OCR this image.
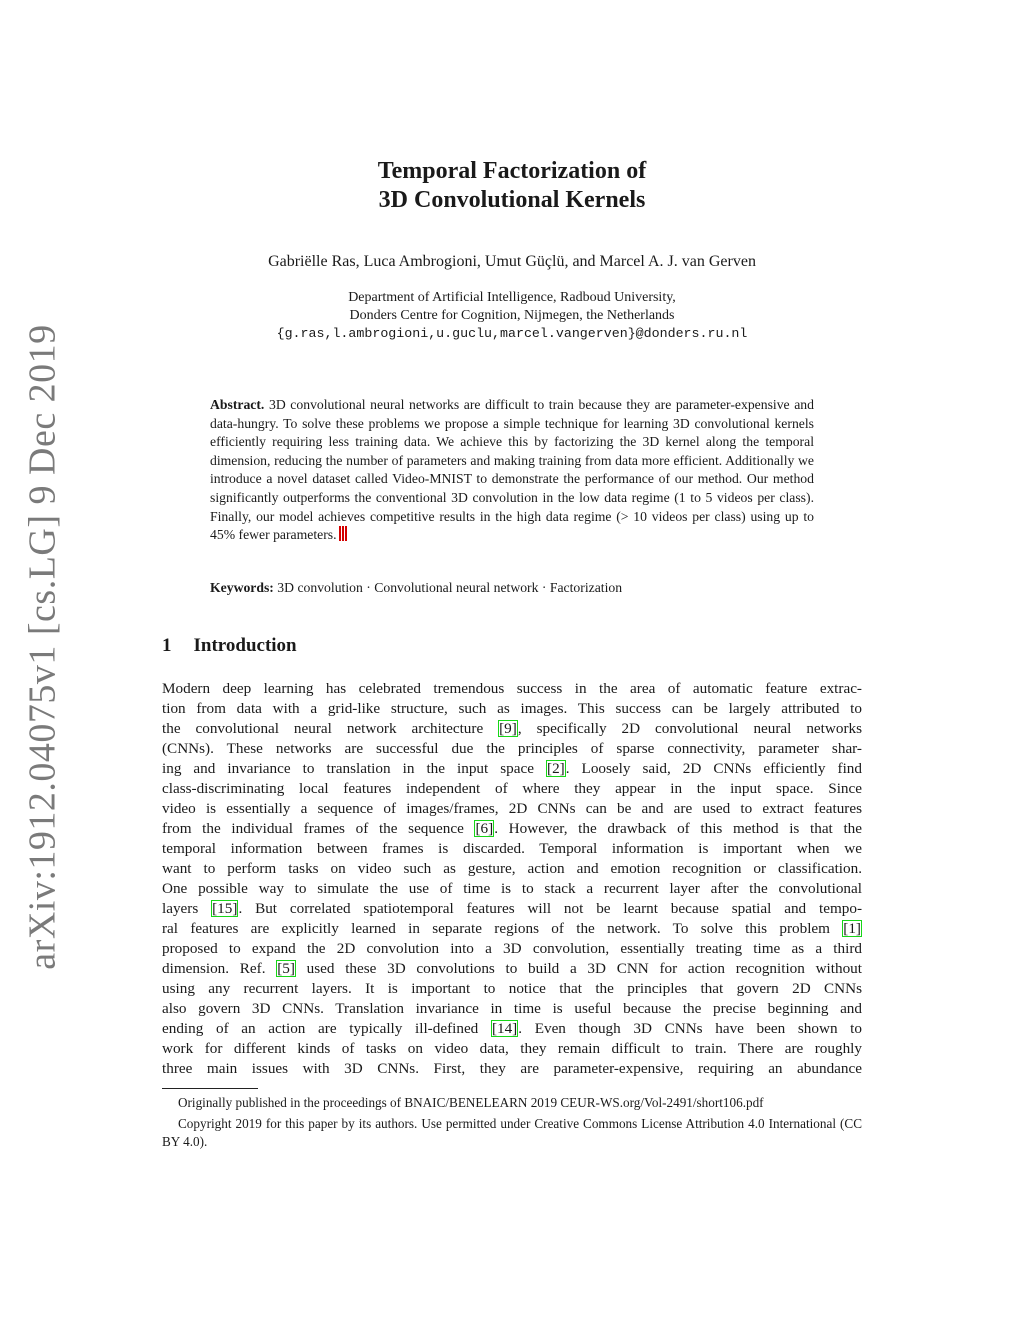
arXiv:1912.04075v1 [cs.LG] 9 Dec 2019
Temporal Factorization of
3D Convolutional Kernels
Gabriëlle Ras, Luca Ambrogioni, Umut Güçlü, and Marcel A. J. van Gerven
Department of Artificial Intelligence, Radboud University,
Donders Centre for Cognition, Nijmegen, the Netherlands
{g.ras,l.ambrogioni,u.guclu,marcel.vangerven}@donders.ru.nl
Abstract. 3D convolutional neural networks are difficult to train because they are parameter-expensive and data-hungry. To solve these problems we propose a simple technique for learning 3D convolutional kernels efficiently requiring less training data. We achieve this by factorizing the 3D kernel along the temporal dimension, reducing the number of parameters and making training from data more efficient. Additionally we introduce a novel dataset called Video-MNIST to demonstrate the performance of our method. Our method significantly outperforms the conventional 3D convolution in the low data regime (1 to 5 videos per class). Finally, our model achieves competitive results in the high data regime (> 10 videos per class) using up to 45% fewer parameters.
Keywords: 3D convolution · Convolutional neural network · Factorization
1 Introduction
Modern deep learning has celebrated tremendous success in the area of automatic feature extrac-
tion from data with a grid-like structure, such as images. This success can be largely attributed to
the convolutional neural network architecture [9], specifically 2D convolutional neural networks
(CNNs). These networks are successful due the principles of sparse connectivity, parameter shar-
ing and invariance to translation in the input space [2]. Loosely said, 2D CNNs efficiently find
class-discriminating local features independent of where they appear in the input space. Since
video is essentially a sequence of images/frames, 2D CNNs can be and are used to extract features
from the individual frames of the sequence [6]. However, the drawback of this method is that the
temporal information between frames is discarded. Temporal information is important when we
want to perform tasks on video such as gesture, action and emotion recognition or classification.
One possible way to simulate the use of time is to stack a recurrent layer after the convolutional
layers [15]. But correlated spatiotemporal features will not be learnt because spatial and tempo-
ral features are explicitly learned in separate regions of the network. To solve this problem [1]
proposed to expand the 2D convolution into a 3D convolution, essentially treating time as a third
dimension. Ref. [5] used these 3D convolutions to build a 3D CNN for action recognition without
using any recurrent layers. It is important to notice that the principles that govern 2D CNNs
also govern 3D CNNs. Translation invariance in time is useful because the precise beginning and
ending of an action are typically ill-defined [14]. Even though 3D CNNs have been shown to
work for different kinds of tasks on video data, they remain difficult to train. There are roughly
three main issues with 3D CNNs. First, they are parameter-expensive, requiring an abundance

Originally published in the proceedings of BNAIC/BENELEARN 2019 CEUR-WS.org/Vol-2491/short106.pdf

Copyright 2019 for this paper by its authors. Use permitted under Creative Commons License Attribution 4.0 International (CC BY 4.0).
